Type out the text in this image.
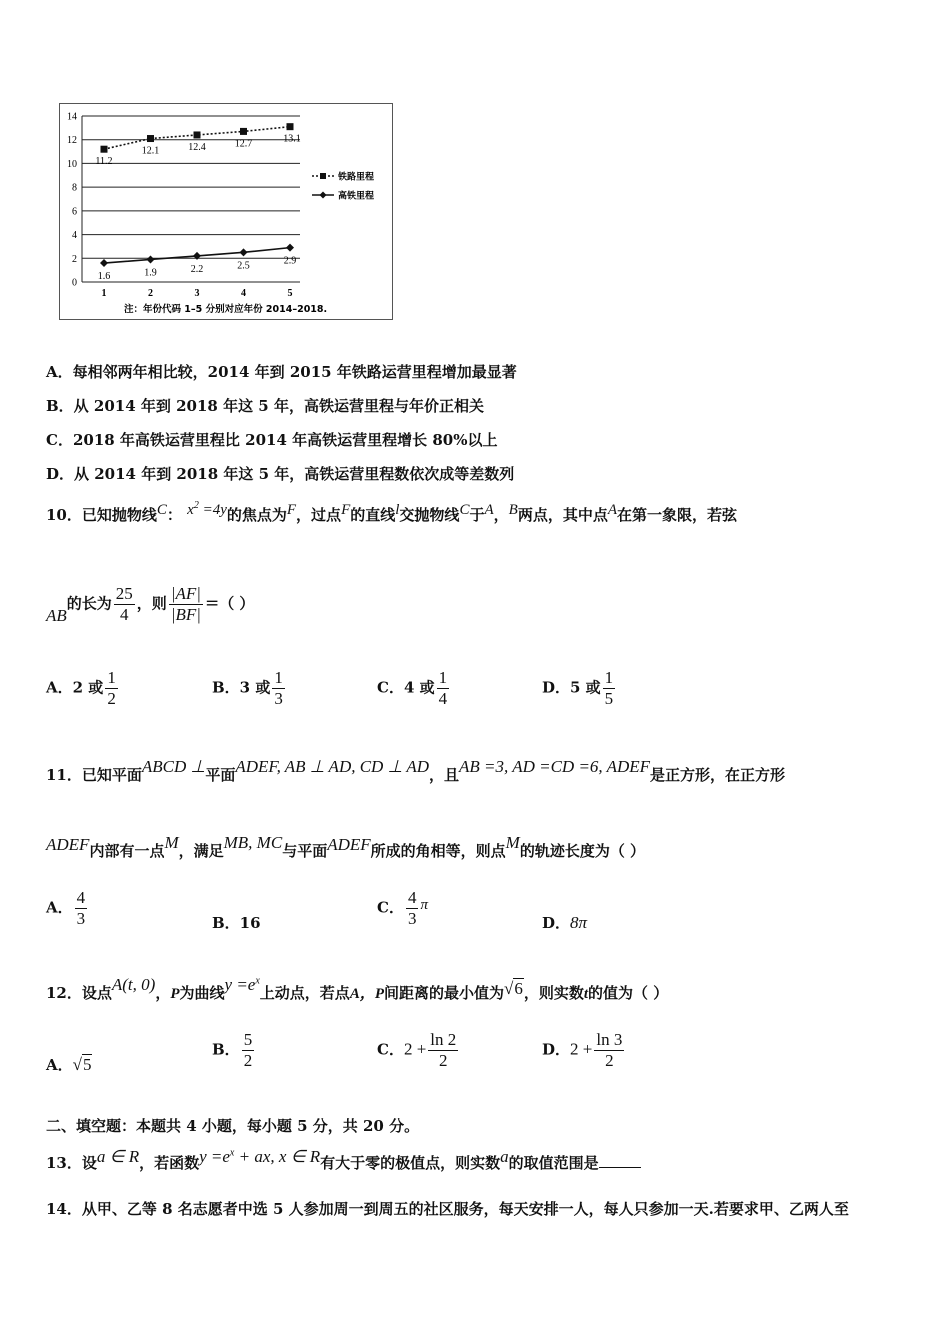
0
2
4
6
8
10
12
14
1	2	3	4	5
11.2
12.1	12.4	12.7	13.1
1.6	1.9	2.2	2.5	2.9
铁路里程
高铁里程
注：年份代码 1–5 分别对应年份 2014–2018.
A．每相邻两年相比较，2014 年到 2015 年铁路运营里程增加最显著
B．从 2014 年到 2018 年这 5 年，高铁运营里程与年价正相关
C．2018 年高铁运营里程比 2014 年高铁运营里程增长 80%以上
D．从 2014 年到 2018 年这 5 年，高铁运营里程数依次成等差数列
10．已知抛物线C： $x^2 =4y$的焦点为F，过点F的直线l交抛物线C于A，B两点，其中点A在第一象限，若弦
AB的长为 $\frac{25}{4}$ ，则 $\frac{|AF|}{|BF|}$ =（ ）
A．2 或 $\frac{1}{2}$	B．3 或 $\frac{1}{3}$	C．4 或 $\frac{1}{4}$	D．5 或 $\frac{1}{5}$
11．已知平面ABCD ⊥平面ADEF, AB ⊥ AD, CD ⊥ AD，且AB =3, AD =CD =6, ADEF是正方形，在正方形
ADEF内部有一点M，满足MB, MC与平面ADEF所成的角相等，则点M的轨迹长度为（ ）
A． $\frac{4}{3}$	B．16
C． $\frac{4}{3}$ π
D．8π
12．设点A(t, 0)，P为曲线$y =e^x$上动点，若点A，P间距离的最小值为√6，则实数t的值为（ ）
A．√5
B． $\frac{5}{2}$	C．$2 + \frac{\ln 2}{2}$	D．$2 + \frac{\ln 3}{2}$
二、填空题：本题共 4 小题，每小题 5 分，共 20 分。
13．设a ∈ R，若函数$y =e^x$ + ax, x ∈ R有大于零的极值点，则实数a的取值范围是
14．从甲、乙等 8 名志愿者中选 5 人参加周一到周五的社区服务，每天安排一人，每人只参加一天.若要求甲、乙两人至
